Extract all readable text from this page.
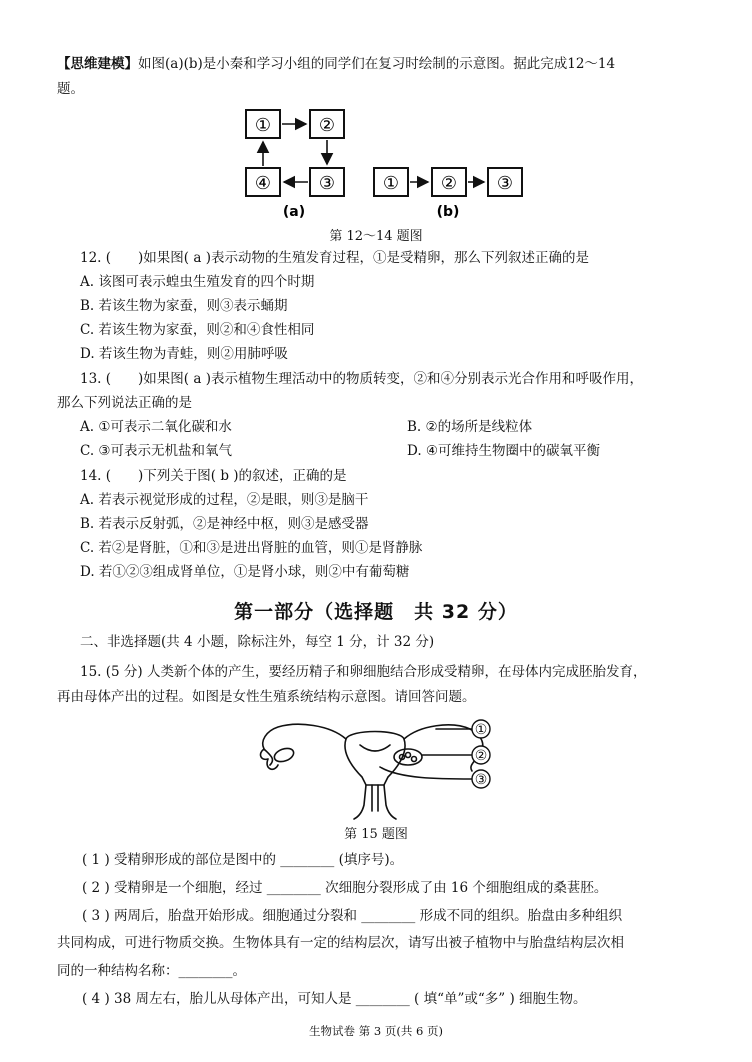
【思维建模】如图(a)(b)是小秦和学习小组的同学们在复习时绘制的示意图。据此完成12～14
题。
①	②
④	③
(a)
① ② ③
(b)
第 12～14 题图
12. (　　)如果图( a )表示动物的生殖发育过程，①是受精卵，那么下列叙述正确的是
A. 该图可表示蝗虫生殖发育的四个时期
B. 若该生物为家蚕，则③表示蛹期
C. 若该生物为家蚕，则②和④食性相同
D. 若该生物为青蛙，则②用肺呼吸
13. (　　)如果图( a )表示植物生理活动中的物质转变，②和④分别表示光合作用和呼吸作用，
那么下列说法正确的是
A. ①可表示二氧化碳和水	B. ②的场所是线粒体
C. ③可表示无机盐和氧气	D. ④可维持生物圈中的碳氧平衡
14. (　　)下列关于图( b )的叙述，正确的是
A. 若表示视觉形成的过程，②是眼，则③是脑干
B. 若表示反射弧，②是神经中枢，则③是感受器
C. 若②是肾脏，①和③是进出肾脏的血管，则①是肾静脉
D. 若①②③组成肾单位，①是肾小球，则②中有葡萄糖
第一部分（选择题　共 32 分）
二、非选择题(共 4 小题，除标注外，每空 1 分，计 32 分)
15. (5 分) 人类新个体的产生，要经历精子和卵细胞结合形成受精卵，在母体内完成胚胎发育，
再由母体产出的过程。如图是女性生殖系统结构示意图。请回答问题。
①
②
③
第 15 题图
( 1 ) 受精卵形成的部位是图中的 ________ (填序号)。
( 2 ) 受精卵是一个细胞，经过 ________ 次细胞分裂形成了由 16 个细胞组成的桑葚胚。
( 3 ) 两周后，胎盘开始形成。细胞通过分裂和 ________ 形成不同的组织。胎盘由多种组织
共同构成，可进行物质交换。生物体具有一定的结构层次，请写出被子植物中与胎盘结构层次相
同的一种结构名称：________。
( 4 ) 38 周左右，胎儿从母体产出，可知人是 ________ ( 填“单”或“多” ) 细胞生物。
生物试卷 第 3 页(共 6 页)
